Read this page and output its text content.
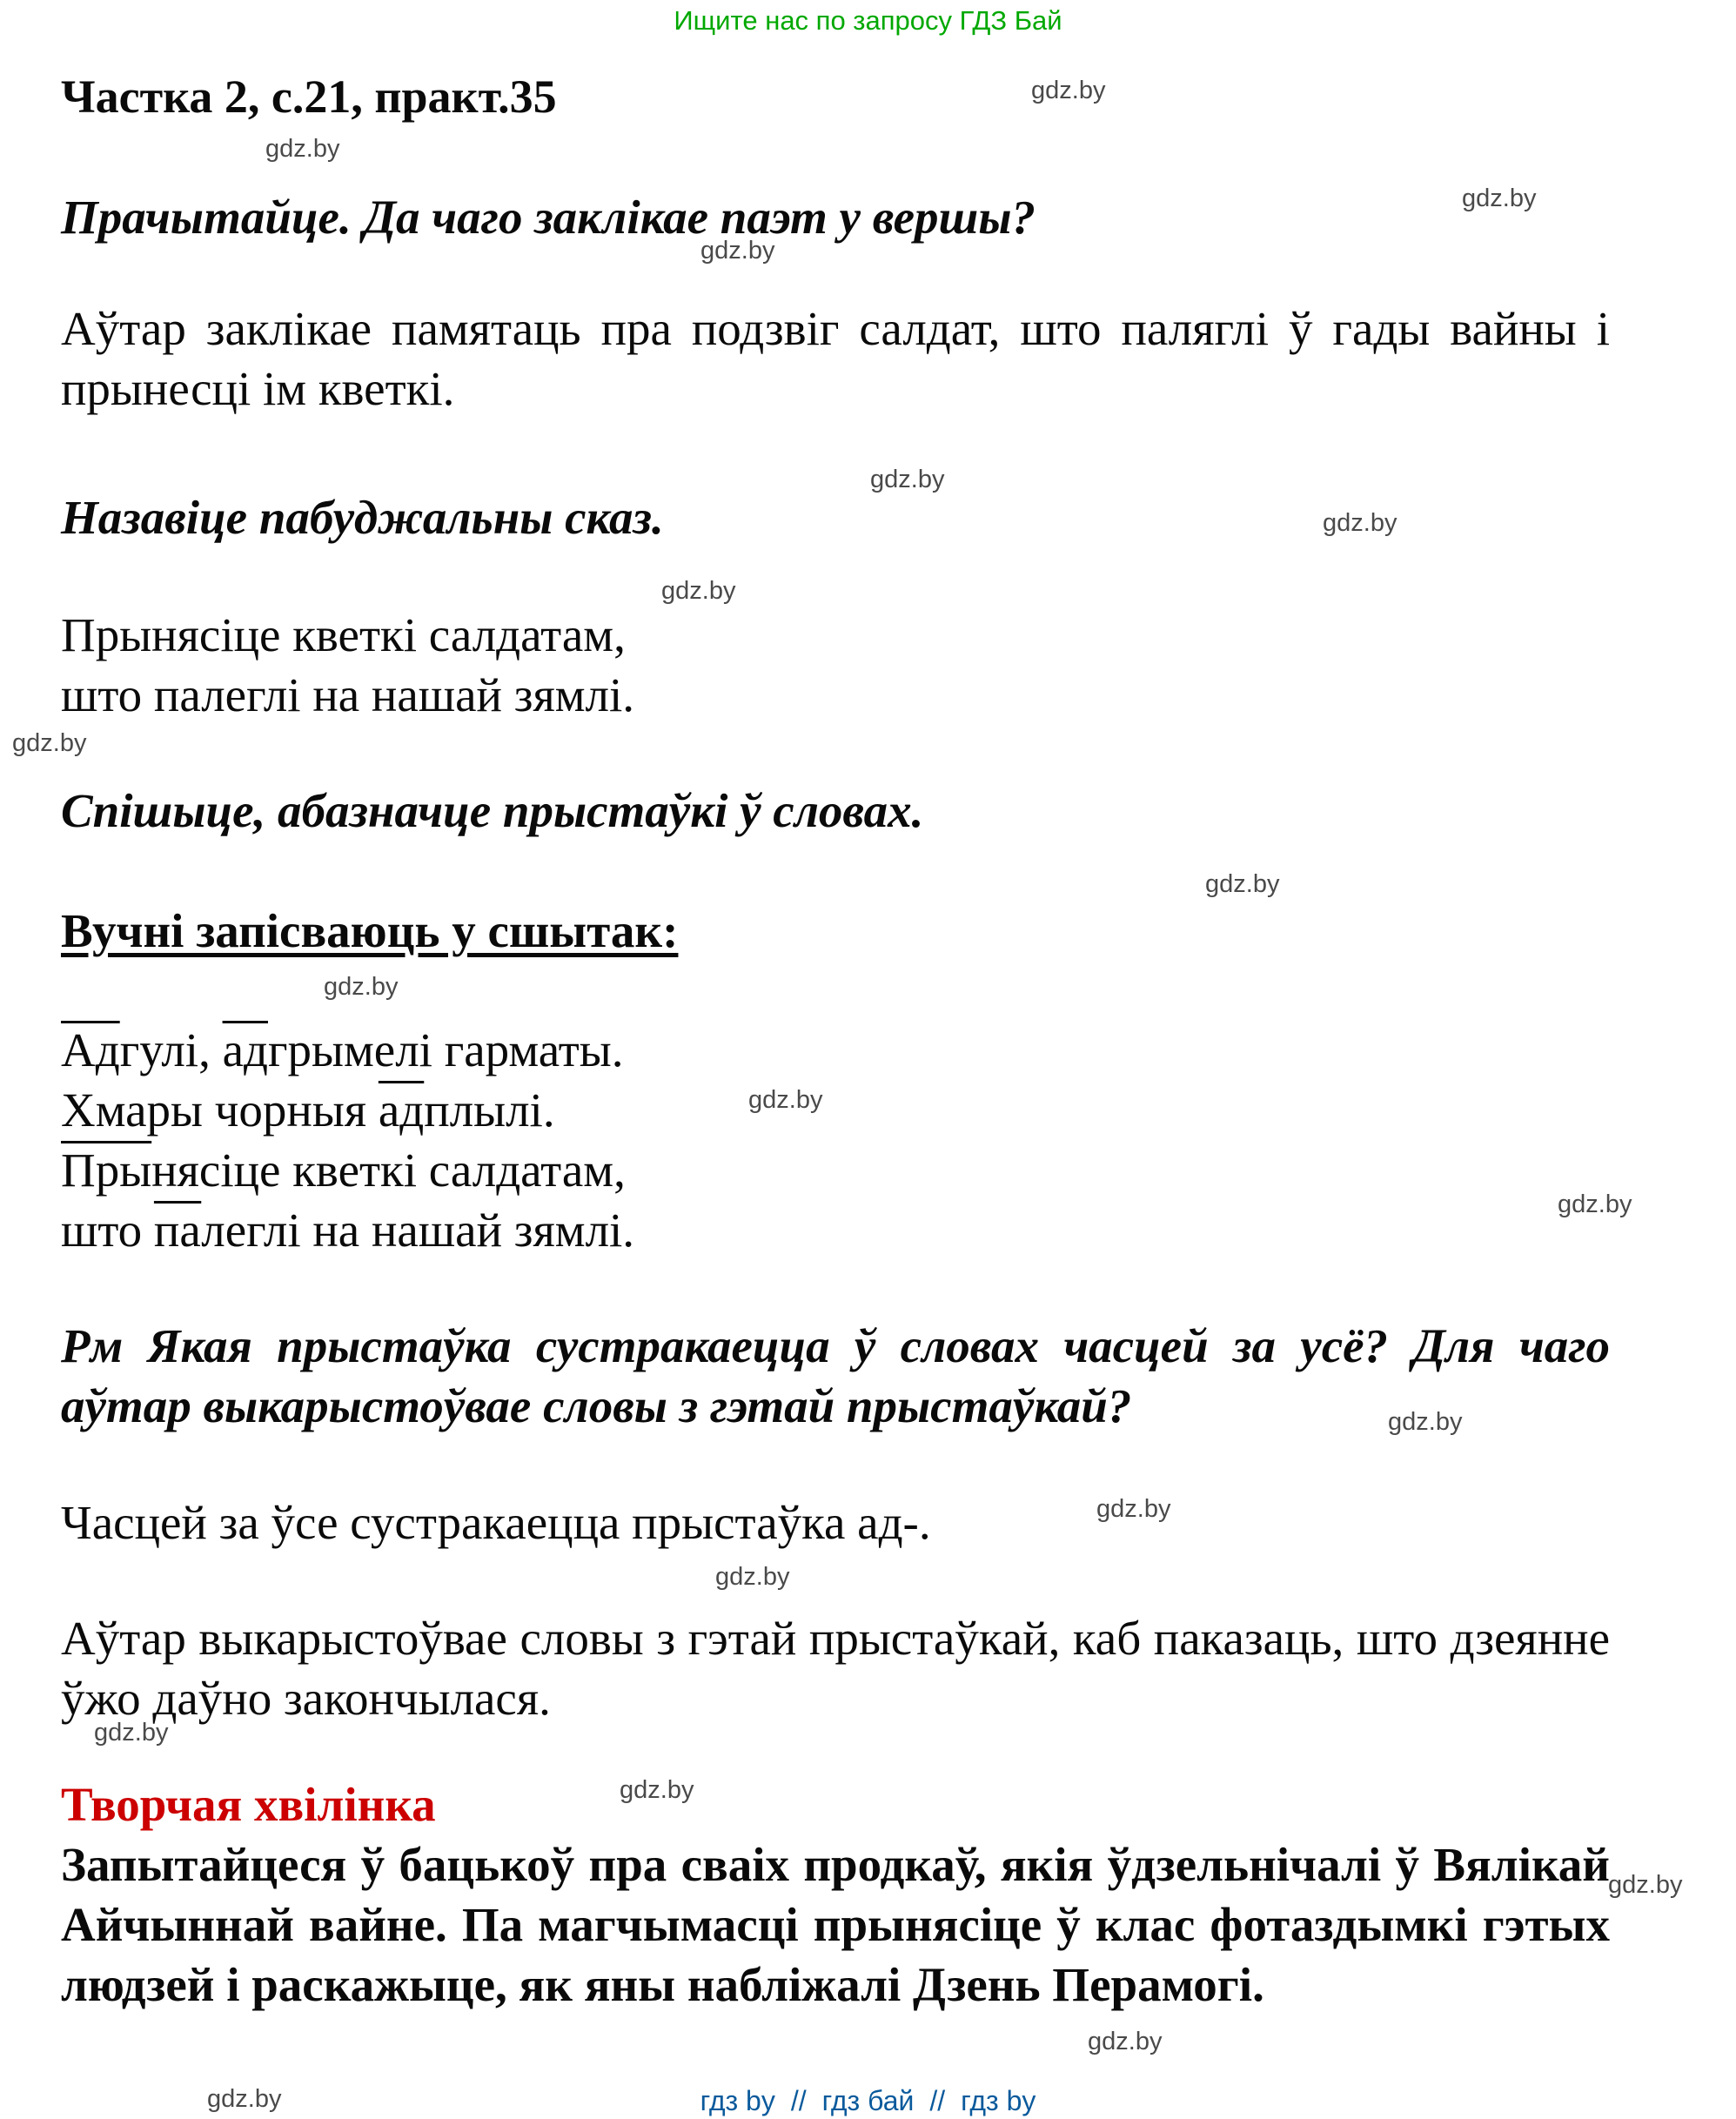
Ищите нас по запросу ГДЗ Бай
Частка 2, с.21, практ.35

Прачытайце. Да чаго заклікае паэт у вершы?

Аўтар заклікае памятаць пра подзвіг салдат, што паляглі ў гады вайны і прынесці ім кветкі.

Назавіце пабуджальны сказ.

Прынясіце кветкі салдатам,
што палеглі на нашай зямлі.

Спішыце, абазначце прыстаўкі ў словах.

Вучні запісваюць у сшытак:

Адгулі, адгрымелі гарматы.
Хмары чорныя адплылі.
Прынясіце кветкі салдатам,
што палеглі на нашай зямлі.

Рм Якая прыстаўка сустракаецца ў словах часцей за усё? Для чаго аўтар выкарыстоўвае словы з гэтай прыстаўкай?

Часцей за ўсе сустракаецца прыстаўка ад-.

Аўтар выкарыстоўвае словы з гэтай прыстаўкай, каб паказаць, што дзеянне ўжо даўно закончылася.

Творчая хвілінка

Запытайцеся ў бацькоў пра сваіх продкаў, якія ўдзельнічалі ў Вялікай Айчыннай вайне. Па магчымасці прынясіце ў клас фотаздымкі гэтых людзей і раскажыце, як яны набліжалі Дзень Перамогі.

гдз by // гдз бай // гдз by
gdz.by
gdz.by
gdz.by
gdz.by
gdz.by
gdz.by
gdz.by
gdz.by
gdz.by
gdz.by
gdz.by
gdz.by
gdz.by
gdz.by
gdz.by
gdz.by
gdz.by
gdz.by
gdz.by
gdz.by
